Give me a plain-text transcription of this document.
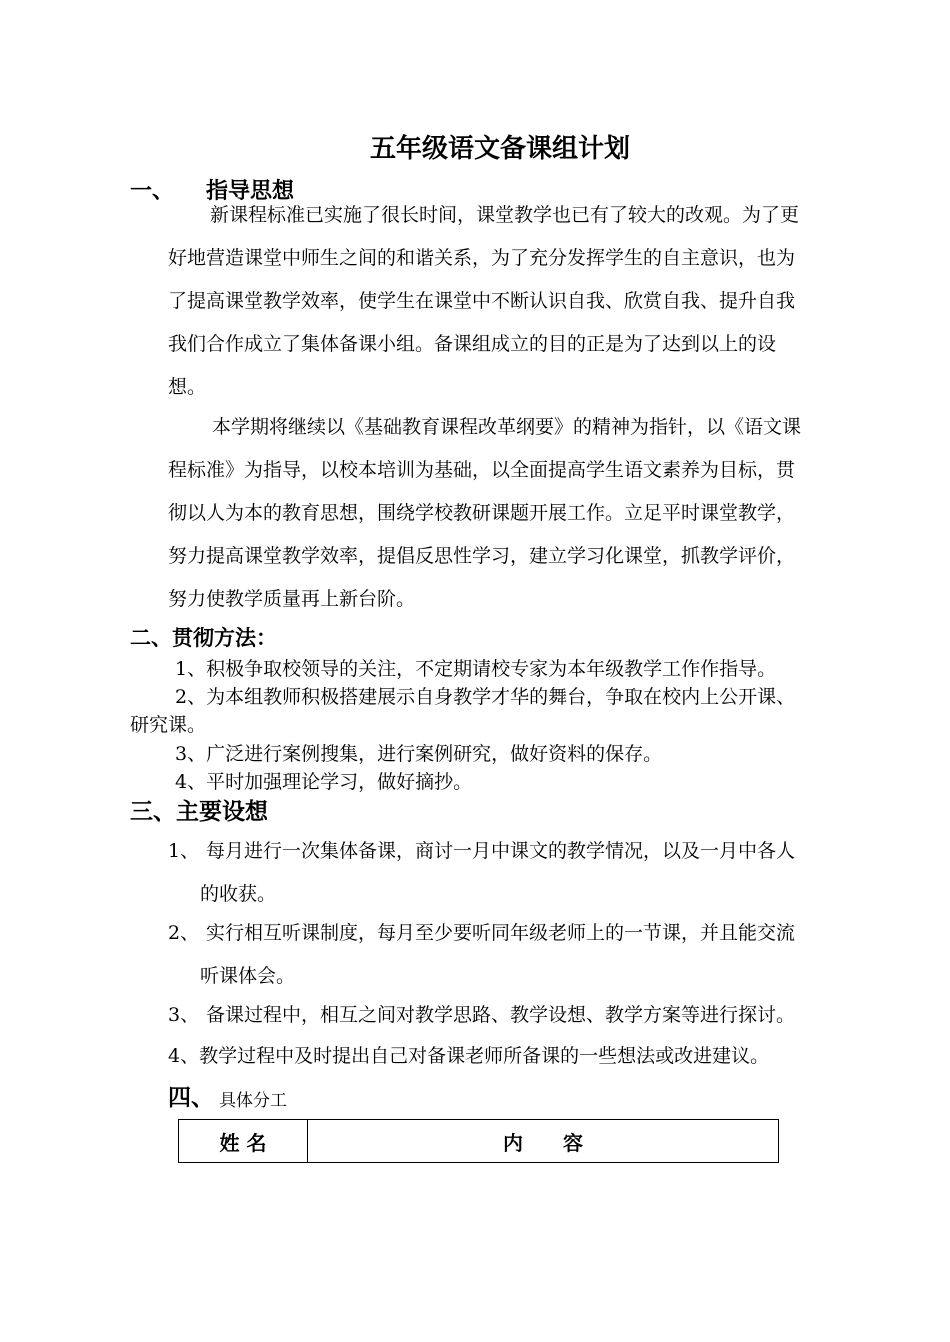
五年级语文备课组计划
一、 指导思想
新课程标准已实施了很长时间，课堂教学也已有了较大的改观。为了更
好地营造课堂中师生之间的和谐关系，为了充分发挥学生的自主意识，也为
了提高课堂教学效率，使学生在课堂中不断认识自我、欣赏自我、提升自我
我们合作成立了集体备课小组。备课组成立的目的正是为了达到以上的设
想。
本学期将继续以《基础教育课程改革纲要》的精神为指针，以《语文课
程标准》为指导，以校本培训为基础，以全面提高学生语文素养为目标，贯
彻以人为本的教育思想，围绕学校教研课题开展工作。立足平时课堂教学，
努力提高课堂教学效率，提倡反思性学习，建立学习化课堂，抓教学评价，
努力使教学质量再上新台阶。
二、贯彻方法：
1、积极争取校领导的关注，不定期请校专家为本年级教学工作作指导。
2、为本组教师积极搭建展示自身教学才华的舞台，争取在校内上公开课、
研究课。
3、广泛进行案例搜集，进行案例研究，做好资料的保存。
4、平时加强理论学习，做好摘抄。
三、主要设想
1、 每月进行一次集体备课，商讨一月中课文的教学情况，以及一月中各人
的收获。
2、 实行相互听课制度，每月至少要听同年级老师上的一节课，并且能交流
听课体会。
3、 备课过程中，相互之间对教学思路、教学设想、教学方案等进行探讨。
4、教学过程中及时提出自己对备课老师所备课的一些想法或改进建议。
四、 具体分工
姓 名	内　　容
